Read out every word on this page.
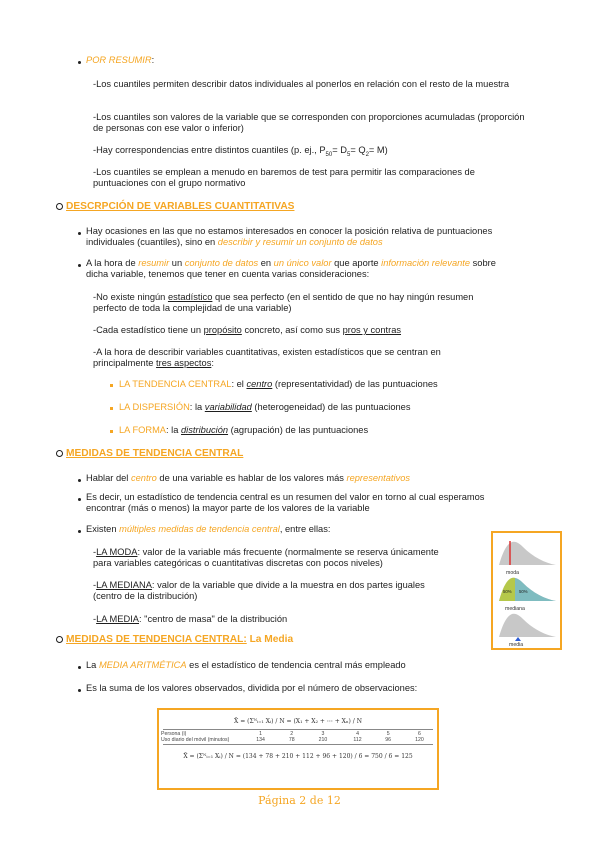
POR RESUMIR:
-Los cuantiles permiten describir datos individuales al ponerlos en relación con el resto de la muestra
-Los cuantiles son valores de la variable que se corresponden con proporciones acumuladas (proporción de personas con ese valor o inferior)
-Hay correspondencias entre distintos cuantiles (p. ej., $P_{50}= D_5= Q_2= M$)
-Los cuantiles se emplean a menudo en baremos de test para permitir las comparaciones de puntuaciones con el grupo normativo
DESCRPCIÓN DE VARIABLES CUANTITATIVAS
Hay ocasiones en las que no estamos interesados en conocer la posición relativa de puntuaciones individuales (cuantiles), sino en describir y resumir un conjunto de datos
A la hora de resumir un conjunto de datos en un único valor que aporte información relevante sobre
dicha variable, tenemos que tener en cuenta varias consideraciones:
-No existe ningún estadístico que sea perfecto (en el sentido de que no hay ningún resumen
perfecto de toda la complejidad de una variable)
-Cada estadístico tiene un propósito concreto, así como sus pros y contras
-A la hora de describir variables cuantitativas, existen estadísticos que se centran en
principalmente tres aspectos:
LA TENDENCIA CENTRAL: el centro (representatividad) de las puntuaciones
LA DISPERSIÓN: la variabilidad (heterogeneidad) de las puntuaciones
LA FORMA: la distribución (agrupación) de las puntuaciones
MEDIDAS DE TENDENCIA CENTRAL
Hablar del centro de una variable es hablar de los valores más representativos
Es decir, un estadístico de tendencia central es un resumen del valor en torno al cual esperamos
encontrar (más o menos) la mayor parte de los valores de la variable
Existen múltiples medidas de tendencia central, entre ellas:
-LA MODA: valor de la variable más frecuente (normalmente se reserva únicamente
para variables categóricas o cuantitativas discretas con pocos niveles)
-LA MEDIANA: valor de la variable que divide a la muestra en dos partes iguales
(centro de la distribución)
-LA MEDIA: "centro de masa" de la distribución
moda
mediana
media
50% 50%
MEDIDAS DE TENDENCIA CENTRAL: La Media
La MEDIA ARITMÉTICA es el estadístico de tendencia central más empleado
Es la suma de los valores observados, dividida por el número de observaciones:
X̄ = (Σᴺᵢ₌₁ Xᵢ) / N = (X₁ + X₂ + ⋯ + Xₙ) / N
Persona (i)	1	2	3	4	5	6
Uso diario del móvil (minutos)	134	78	210	112	96	120
X̄ = (Σᴺᵢ₌₁ Xᵢ) / N = (134 + 78 + 210 + 112 + 96 + 120) / 6 = 750 / 6 = 125
Página 2 de 12
